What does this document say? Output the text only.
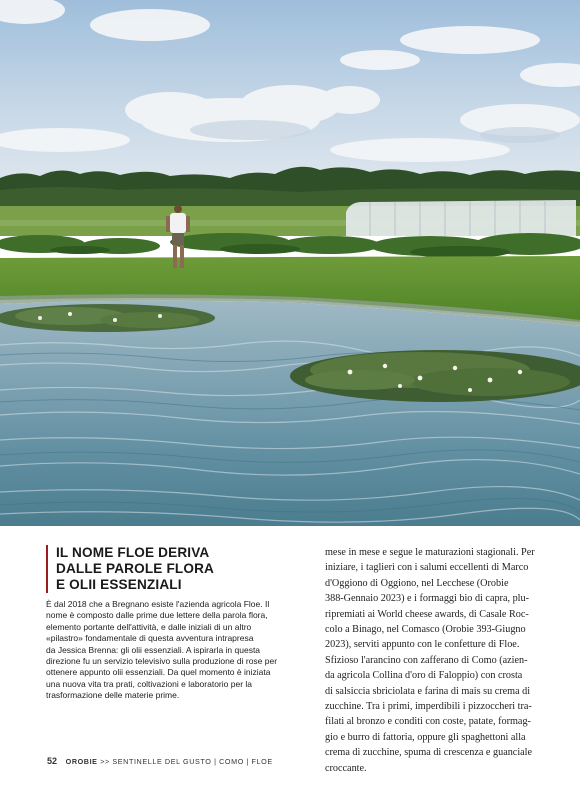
IL NOME FLOE DERIVA
DALLE PAROLE FLORA
E OLII ESSENZIALI

È dal 2018 che a Bregnano esiste l'azienda agricola Floe. Il
nome è composto dalle prime due lettere della parola flora,
elemento portante dell'attività, e dalle iniziali di un altro
«pilastro» fondamentale di questa avventura intrapresa
da Jessica Brenna: gli olii essenziali. A ispirarla in questa
direzione fu un servizio televisivo sulla produzione di rose per
ottenere appunto olii essenziali. Da quel momento è iniziata
una nuova vita tra prati, coltivazioni e laboratorio per la
trasformazione delle materie prime.

mese in mese e segue le maturazioni stagionali. Per
iniziare, i taglieri con i salumi eccellenti di Marco
d'Oggiono di Oggiono, nel Lecchese (Orobie
388-Gennaio 2023) e i formaggi bio di capra, plu-
ripremiati ai World cheese awards, di Casale Roc-
colo a Binago, nel Comasco (Orobie 393-Giugno
2023), serviti appunto con le confetture di Floe.
Sfizioso l'arancino con zafferano di Como (azien-
da agricola Collina d'oro di Faloppio) con crosta
di salsiccia sbriciolata e farina di mais su crema di
zucchine. Tra i primi, imperdibili i pizzoccheri tra-
filati al bronzo e conditi con coste, patate, formag-
gio e burro di fattoria, oppure gli spaghettoni alla
crema di zucchine, spuma di crescenza e guanciale
croccante.

52 OROBIE >> SENTINELLE DEL GUSTO | COMO | FLOE
